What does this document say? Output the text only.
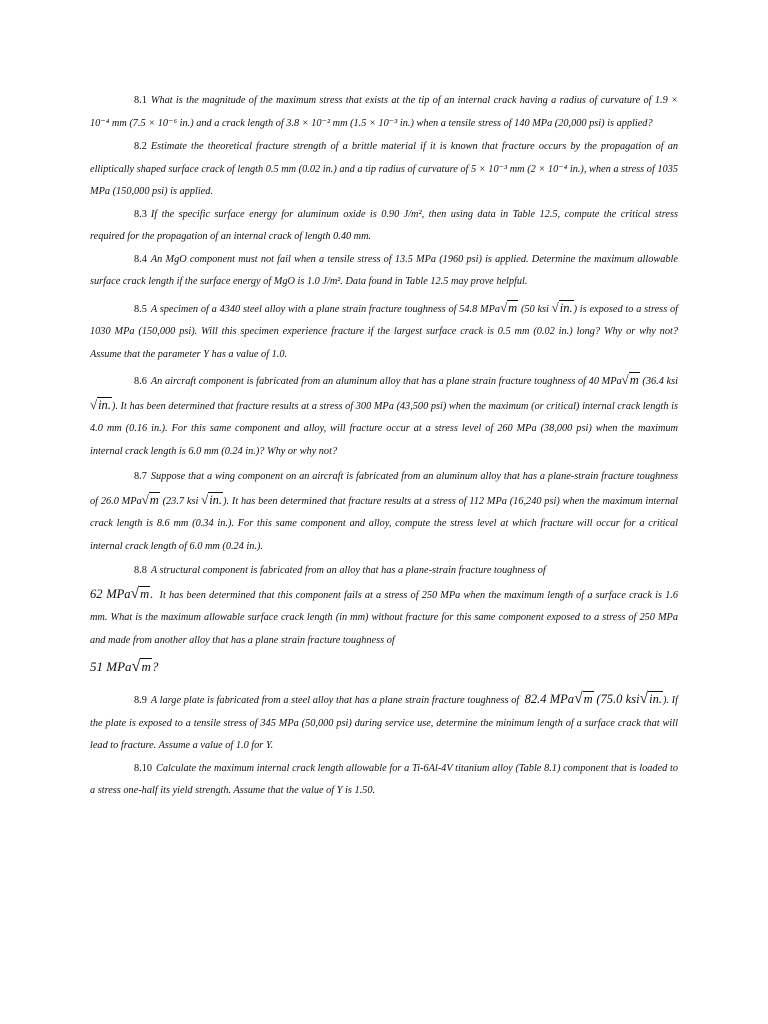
8.1 What is the magnitude of the maximum stress that exists at the tip of an internal crack having a radius of curvature of 1.9 × 10⁻⁴ mm (7.5 × 10⁻⁶ in.) and a crack length of 3.8 × 10⁻² mm (1.5 × 10⁻³ in.) when a tensile stress of 140 MPa (20,000 psi) is applied?

8.2 Estimate the theoretical fracture strength of a brittle material if it is known that fracture occurs by the propagation of an elliptically shaped surface crack of length 0.5 mm (0.02 in.) and a tip radius of curvature of 5 × 10⁻³ mm (2 × 10⁻⁴ in.), when a stress of 1035 MPa (150,000 psi) is applied.

8.3 If the specific surface energy for aluminum oxide is 0.90 J/m², then using data in Table 12.5, compute the critical stress required for the propagation of an internal crack of length 0.40 mm.

8.4 An MgO component must not fail when a tensile stress of 13.5 MPa (1960 psi) is applied. Determine the maximum allowable surface crack length if the surface energy of MgO is 1.0 J/m². Data found in Table 12.5 may prove helpful.

8.5 A specimen of a 4340 steel alloy with a plane strain fracture toughness of 54.8 MPa√m (50 ksi √in.) is exposed to a stress of 1030 MPa (150,000 psi). Will this specimen experience fracture if the largest surface crack is 0.5 mm (0.02 in.) long? Why or why not? Assume that the parameter Y has a value of 1.0.

8.6 An aircraft component is fabricated from an aluminum alloy that has a plane strain fracture toughness of 40 MPa√m (36.4 ksi √in.). It has been determined that fracture results at a stress of 300 MPa (43,500 psi) when the maximum (or critical) internal crack length is 4.0 mm (0.16 in.). For this same component and alloy, will fracture occur at a stress level of 260 MPa (38,000 psi) when the maximum internal crack length is 6.0 mm (0.24 in.)? Why or why not?

8.7 Suppose that a wing component on an aircraft is fabricated from an aluminum alloy that has a plane-strain fracture toughness of 26.0 MPa√m (23.7 ksi √in.). It has been determined that fracture results at a stress of 112 MPa (16,240 psi) when the maximum internal crack length is 8.6 mm (0.34 in.). For this same component and alloy, compute the stress level at which fracture will occur for a critical internal crack length of 6.0 mm (0.24 in.).

8.8 A structural component is fabricated from an alloy that has a plane-strain fracture toughness of
62 MPa√m. It has been determined that this component fails at a stress of 250 MPa when the maximum length of a surface crack is 1.6 mm. What is the maximum allowable surface crack length (in mm) without fracture for this same component exposed to a stress of 250 MPa and made from another alloy that has a plane strain fracture toughness of
51 MPa√m?

8.9 A large plate is fabricated from a steel alloy that has a plane strain fracture toughness of 82.4 MPa√m (75.0 ksi√in.). If the plate is exposed to a tensile stress of 345 MPa (50,000 psi) during service use, determine the minimum length of a surface crack that will lead to fracture. Assume a value of 1.0 for Y.

8.10 Calculate the maximum internal crack length allowable for a Ti-6Al-4V titanium alloy (Table 8.1) component that is loaded to a stress one-half its yield strength. Assume that the value of Y is 1.50.
